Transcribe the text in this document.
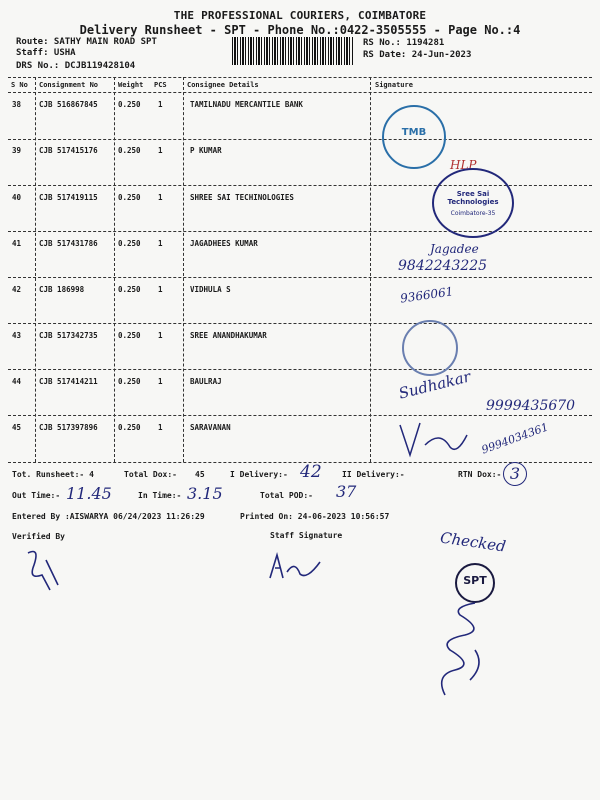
THE PROFESSIONAL COURIERS, COIMBATORE
Delivery Runsheet - SPT - Phone No.:0422-3505555 - Page No.:4
Route: SATHY MAIN ROAD SPT
Staff: USHA
DRS No.: DCJB119428104
RS No.: 1194281
RS Date: 24-Jun-2023
S No Consignment No	Weight PCS	Consignee Details	Signature
38 CJB 516867845	0.250 1	TAMILNADU MERCANTILE BANK
39 CJB 517415176	0.250 1	P KUMAR
40 CJB 517419115	0.250 1	SHREE SAI TECHINOLOGIES
41 CJB 517431786	0.250 1	JAGADHEES KUMAR
42 CJB 186998	0.250 1	VIDHULA S
43 CJB 517342735	0.250 1	SREE ANANDHAKUMAR
44 CJB 517414211	0.250 1	BAULRAJ
45 CJB 517397896	0.250 1	SARAVANAN
TMB
HLP
Sree Sai Technologies
Coimbatore-35
Jagadee
9842243225
9366061
Sudhakar
9999435670
9994034361
Tot. Runsheet:- 4	Total Dox:- 45	I Delivery:- 42	II Delivery:-	RTN Dox:- 3
Out Time:- 11.45	In Time:- 3.15	Total POD:- 37
Entered By :AISWARYA 06/24/2023 11:26:29	Printed On: 24-06-2023 10:56:57
Verified By	Staff Signature	Checked
SPT
